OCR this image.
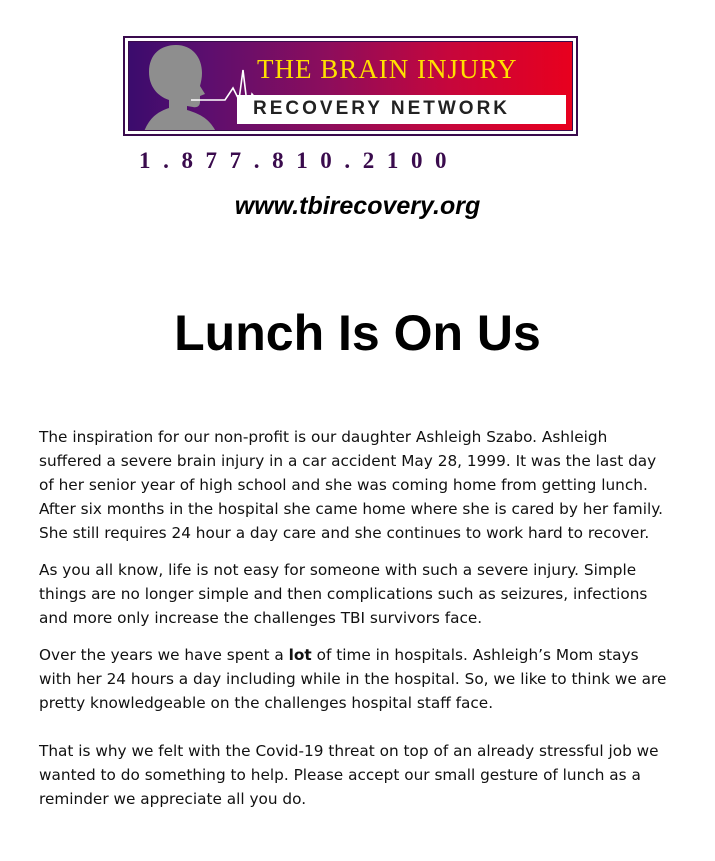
THE BRAIN INJURY

RECOVERY NETWORK

1.877.810.2100

www.tbirecovery.org

Lunch Is On Us

The inspiration for our non-profit is our daughter Ashleigh Szabo. Ashleigh suffered a severe brain injury in a car accident May 28, 1999. It was the last day of her senior year of high school and she was coming home from getting lunch. After six months in the hospital she came home where she is cared by her family. She still requires 24 hour a day care and she continues to work hard to recover.

As you all know, life is not easy for someone with such a severe injury. Simple things are no longer simple and then complications such as seizures, infections and more only increase the challenges TBI survivors face.

Over the years we have spent a lot of time in hospitals. Ashleigh’s Mom stays with her 24 hours a day including while in the hospital. So, we like to think we are pretty knowledgeable on the challenges hospital staff face.

That is why we felt with the Covid-19 threat on top of an already stressful job we wanted to do something to help. Please accept our small gesture of lunch as a reminder we appreciate all you do.
